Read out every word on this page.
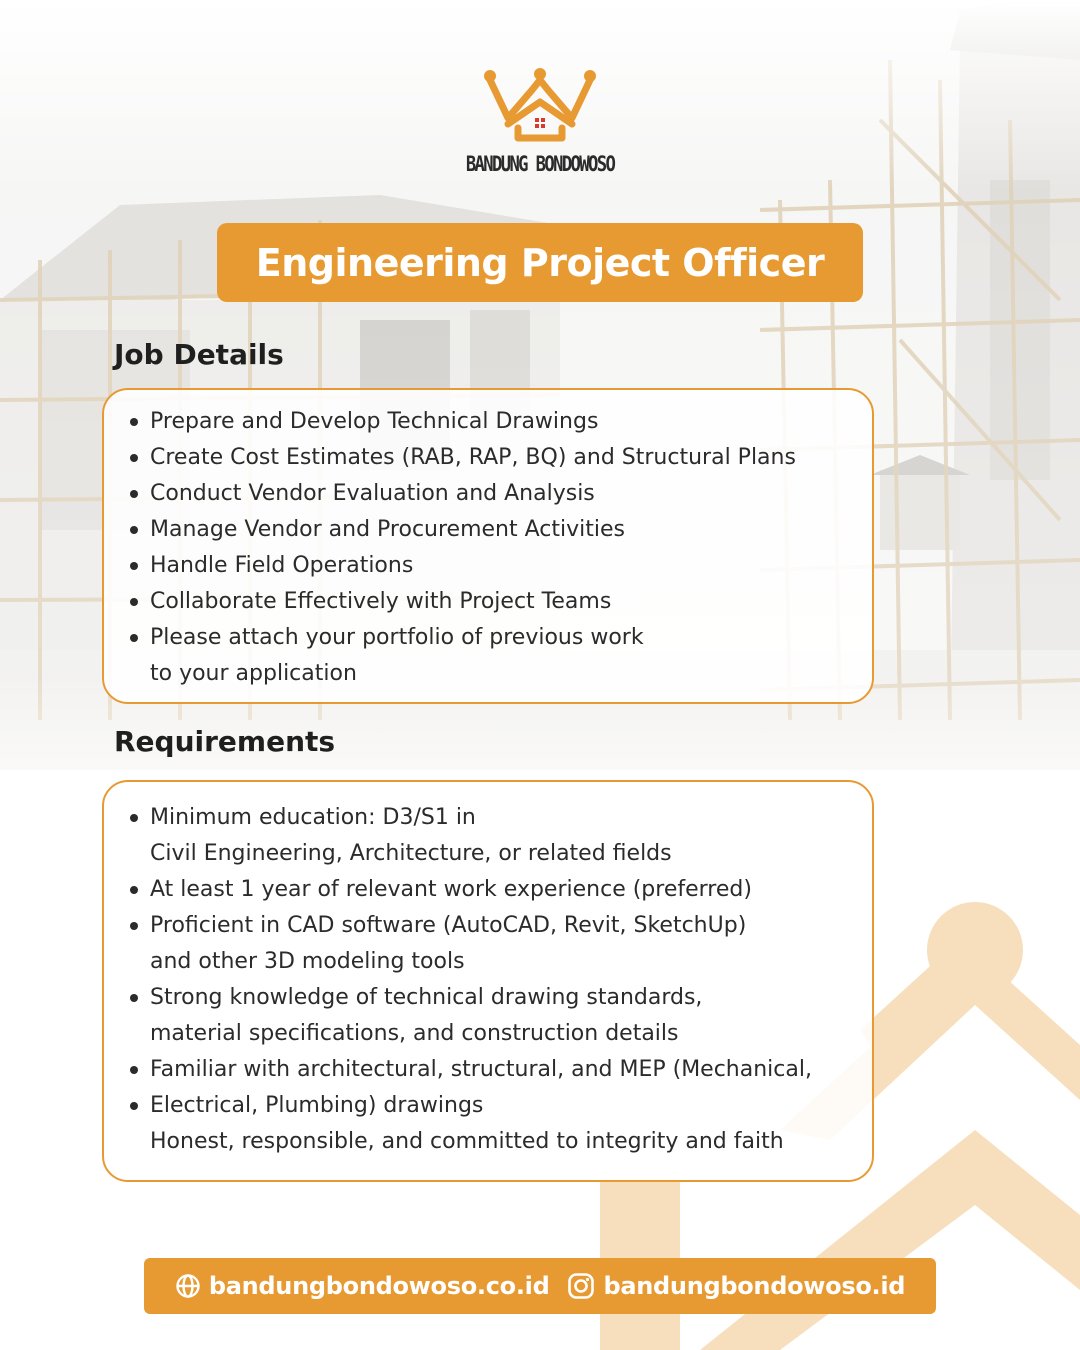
BANDUNG BONDOWOSO
Engineering Project Officer
Job Details
Prepare and Develop Technical Drawings
Create Cost Estimates (RAB, RAP, BQ) and Structural Plans
Conduct Vendor Evaluation and Analysis
Manage Vendor and Procurement Activities
Handle Field Operations
Collaborate Effectively with Project Teams
Please attach your portfolio of previous work
to your application
Requirements
Minimum education: D3/S1 in
Civil Engineering, Architecture, or related fields
At least 1 year of relevant work experience (preferred)
Proficient in CAD software (AutoCAD, Revit, SketchUp)
and other 3D modeling tools
Strong knowledge of technical drawing standards,
material specifications, and construction details
Familiar with architectural, structural, and MEP (Mechanical,
Electrical, Plumbing) drawings
Honest, responsible, and committed to integrity and faith
bandungbondowoso.co.id bandungbondowoso.id
